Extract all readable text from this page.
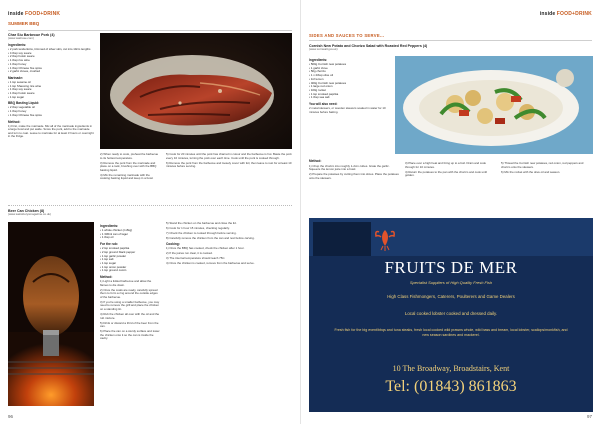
inside FOOD+DRINK
SUMMER BBQ
Char Siu Barbecue Pork (4)
(www.waitrose.com)
Ingredients:
• 2 pork tenderloins, trimmed of silver skin, cut into 10cm lengths
• 4 tbsp soy sauce
• 2 tbsp hoisin sauce
• 1 tbsp rice wine
• 1 tbsp honey
• 1 tbsp Chinese five spice
• 2 garlic cloves, crushed
Marinade:
• 1 tsp sesame oil
• 1 tsp Shaoxing rice wine
• 1 tbsp soy sauce
• 1 tbsp hoisin sauce
• 1 tsp sugar
BBQ Basting Liquid:
• 2 tbsp vegetable oil
• 1 tbsp honey
• 1 tbsp Chinese five spice
Method:
1) First, make the marinade. Mix all of the marinade ingredients in a large bowl and put aside. Score the pork, add to the marinade and turn to coat. Leave to marinate for at least 3 hours or overnight in the fridge.

2) When ready to cook, preheat the barbecue to its hottest temperature.

3) Remove the pork from the marinade and place on a rack, brushing over with the BBQ basting liquid.

4) Mix the remaining marinade with the cooking basting liquid and keep in a bowl.

5) Cook for 20 minutes until the pork has charred in colour and the barbecue is hot. Baste the pork every 10 minutes, turning the pork over each time. Cook until the pork is cooked through.

6) Remove the pork from the barbecue and loosely cover with foil, then leave to rest for at least 10 minutes before serving.

Beer Can Chicken (8)
(www.sainsburysmagazine.co.uk)
Ingredients:
• 1 whole chicken (1.8kg)
• 1 330ml can of lager
• 1 tbsp oil
For the rub:
• 2 tsp smoked paprika
• 2 tsp ground black pepper
• 1 tsp garlic powder
• 1 tsp salt
• 1 tsp sugar
• 1 tsp onion powder
• 1 tsp ground cumin
Method:

1) Light a lidded barbecue and allow the flames to die down.

2) Once the coals are ready, carefully spread them to form a ring around the outside edges of the barbecue.

3) If you're using a smaller barbecue, you may need to remove the grill and place the chicken on a standing tin.

4) Rub the chicken all over with the oil and the rub mixture.

5) Drink or discard a third of the beer from the can.

6) Place the can on a sturdy surface and lower the chicken onto it so the can is inside the cavity.

5) Stand the chicken on the barbecue and close the lid.

6) Cook for 1 hour 15 minutes, checking regularly.

7) Check the chicken is cooked through before serving.

8) Carefully remove the chicken from the can and rest before carving.

Cooking:

1) Once the BBQ has cooked, check the chicken after 1 hour.

2) If the juices run clear, it is cooked.

3) The internal temperature should reach 75C.

4) Once the chicken is cooked, remove from the barbecue and serve.

96
inside FOOD+DRINK
SIDES AND SAUCES TO SERVE...
Cornish New Potato and Chorizo Salad with Roasted Red Peppers (4)
(www.cornwall.gov.uk)
Ingredients:
• 500g Cornish new potatoes
• 1 garlic clove
• 50g chorizo
• 1 x 2tbsp olive oil
• 1/2 lemon
• 400g Cornish new potatoes
• 1 large red onion
• 100g rocket
• 1 tsp smoked paprika
• 1 tbsp sea salt
You will also need:
2 metal skewers, or wooden skewers soaked in water for 10 minutes before baking.
Method:

1) Chop the chorizo into roughly 1-2cm cubes. Grate the garlic. Squeeze the lemon juice into a bowl.

2) Prepare the potatoes by cutting them into slices. Place the potatoes onto the skewers.

3) Place over a high heat and bring up to a boil. Drain and cook through for 10 minutes.

4) Return the potatoes to the pan with the chorizo and cook until golden.

5) Thread the Cornish new potatoes, red onion, red peppers and chorizo onto the skewers.

6) Mix the rocket with the olive oil and season.

FRUITS DE MER
Specialist Suppliers of High Quality Fresh Fish
High Class Fishmongers, Caterers, Poulterers and Game Dealers
Local cooked lobster cooked and dressed daily.
Fresh fish for the big event/bbqs and tuna steaks, fresh local cooked wild prawns whole, wild bass and bream, local lobster, scallops/monkfish, and new season sardines and mackerel.
10 The Broadway, Broadstairs, Kent
Tel: (01843) 861863
97
